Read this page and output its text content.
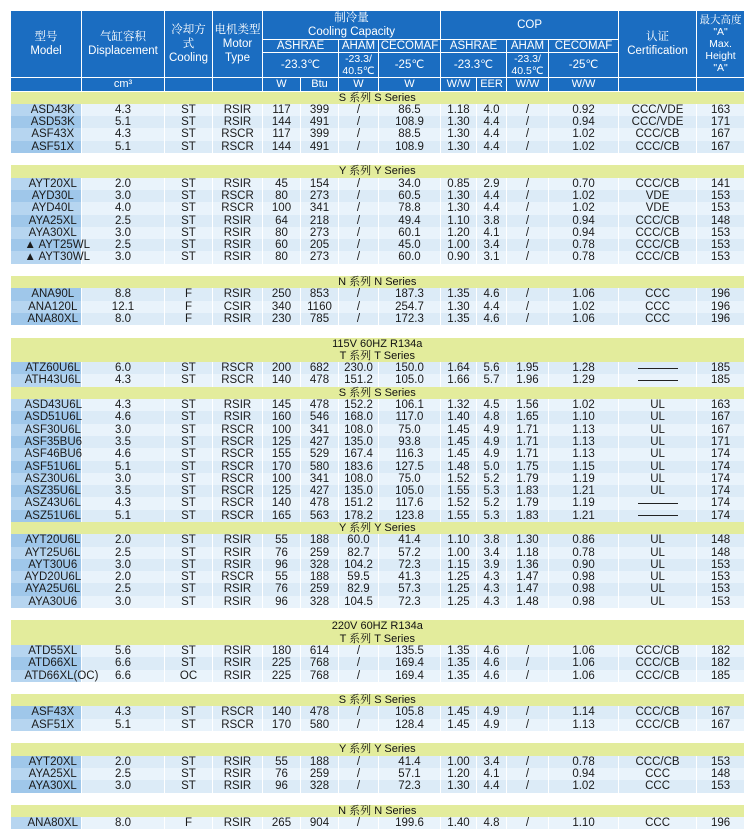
型号
Model	气缸容积
Displacement	冷却方
式
Cooling	电机类型
Motor
Type	制冷量
Cooling Capacity				COP				认证
Certification	最大高度
"A"
Max.
Height
"A"

				ASHRAE		AHAM	CECOMAF	ASHRAE		AHAM	CECOMAF		
				-23.3℃		-23.3/
40.5℃	-25℃	-23.3℃		-23.3/
40.5℃	-25℃		
	cm³			W	Btu	W	W	W/W	EER	W/W	W/W		
S 系列 S Series													
ASD43K	4.3	ST	RSIR	117	399	/	86.5	1.18	4.0	/	0.92	CCC/VDE	163
ASD53K	5.1	ST	RSIR	144	491	/	108.9	1.30	4.4	/	0.94	CCC/VDE	171
ASF43X	4.3	ST	RSCR	117	399	/	88.5	1.30	4.4	/	1.02	CCC/CB	167
ASF51X	5.1	ST	RSCR	144	491	/	108.9	1.30	4.4	/	1.02	CCC/CB	167

Y 系列 Y Series													
AYT20XL	2.0	ST	RSIR	45	154	/	34.0	0.85	2.9	/	0.70	CCC/CB	141
AYD30L	3.0	ST	RSCR	80	273	/	60.5	1.30	4.4	/	1.02	VDE	153
AYD40L	4.0	ST	RSCR	100	341	/	78.8	1.30	4.4	/	1.02	VDE	153
AYA25XL	2.5	ST	RSIR	64	218	/	49.4	1.10	3.8	/	0.94	CCC/CB	148
AYA30XL	3.0	ST	RSIR	80	273	/	60.1	1.20	4.1	/	0.94	CCC/CB	153
▲ AYT25WL	2.5	ST	RSIR	60	205	/	45.0	1.00	3.4	/	0.78	CCC/CB	153
▲ AYT30WL	3.0	ST	RSIR	80	273	/	60.0	0.90	3.1	/	0.78	CCC/CB	153

N 系列 N Series													
ANA90L	8.8	F	RSIR	250	853	/	187.3	1.35	4.6	/	1.06	CCC	196
ANA120L	12.1	F	CSIR	340	1160	/	254.7	1.30	4.4	/	1.02	CCC	196
ANA80XL	8.0	F	RSIR	230	785	/	172.3	1.35	4.6	/	1.06	CCC	196

115V 60HZ R134a													
T 系列 T Series													
ATZ60U6L	6.0	ST	RSCR	200	682	230.0	150.0	1.64	5.6	1.95	1.28		185
ATH43U6L	4.3	ST	RSCR	140	478	151.2	105.0	1.66	5.7	1.96	1.29		185
S 系列 S Series													
ASD43U6L	4.3	ST	RSIR	145	478	152.2	106.1	1.32	4.5	1.56	1.02	UL	163
ASD51U6L	4.6	ST	RSIR	160	546	168.0	117.0	1.40	4.8	1.65	1.10	UL	167
ASF30U6L	3.0	ST	RSCR	100	341	108.0	75.0	1.45	4.9	1.71	1.13	UL	167
ASF35BU6	3.5	ST	RSCR	125	427	135.0	93.8	1.45	4.9	1.71	1.13	UL	171
ASF46BU6	4.6	ST	RSCR	155	529	167.4	116.3	1.45	4.9	1.71	1.13	UL	174
ASF51U6L	5.1	ST	RSCR	170	580	183.6	127.5	1.48	5.0	1.75	1.15	UL	174
ASZ30U6L	3.0	ST	RSCR	100	341	108.0	75.0	1.52	5.2	1.79	1.19	UL	174
ASZ35U6L	3.5	ST	RSCR	125	427	135.0	105.0	1.55	5.3	1.83	1.21	UL	174
ASZ43U6L	4.3	ST	RSCR	140	478	151.2	117.6	1.52	5.2	1.79	1.19		174
ASZ51U6L	5.1	ST	RSCR	165	563	178.2	123.8	1.55	5.3	1.83	1.21		174
Y 系列 Y Series													
AYT20U6L	2.0	ST	RSIR	55	188	60.0	41.4	1.10	3.8	1.30	0.86	UL	148
AYT25U6L	2.5	ST	RSIR	76	259	82.7	57.2	1.00	3.4	1.18	0.78	UL	148
AYT30U6	3.0	ST	RSIR	96	328	104.2	72.3	1.15	3.9	1.36	0.90	UL	153
AYD20U6L	2.0	ST	RSCR	55	188	59.5	41.3	1.25	4.3	1.47	0.98	UL	153
AYA25U6L	2.5	ST	RSIR	76	259	82.9	57.3	1.25	4.3	1.47	0.98	UL	153
AYA30U6	3.0	ST	RSIR	96	328	104.5	72.3	1.25	4.3	1.48	0.98	UL	153

220V 60HZ R134a													
T 系列 T Series													
ATD55XL	5.6	ST	RSIR	180	614	/	135.5	1.35	4.6	/	1.06	CCC/CB	182
ATD66XL	6.6	ST	RSIR	225	768	/	169.4	1.35	4.6	/	1.06	CCC/CB	182
ATD66XL(OC)	6.6	OC	RSIR	225	768	/	169.4	1.35	4.6	/	1.06	CCC/CB	185

S 系列 S Series													
ASF43X	4.3	ST	RSCR	140	478	/	105.8	1.45	4.9	/	1.14	CCC/CB	167
ASF51X	5.1	ST	RSCR	170	580	/	128.4	1.45	4.9	/	1.13	CCC/CB	167

Y 系列 Y Series													
AYT20XL	2.0	ST	RSIR	55	188	/	41.4	1.00	3.4	/	0.78	CCC/CB	153
AYA25XL	2.5	ST	RSIR	76	259	/	57.1	1.20	4.1	/	0.94	CCC	148
AYA30XL	3.0	ST	RSIR	96	328	/	72.3	1.30	4.4	/	1.02	CCC	153

N 系列 N Series													
ANA80XL	8.0	F	RSIR	265	904	/	199.6	1.40	4.8	/	1.10	CCC	196
